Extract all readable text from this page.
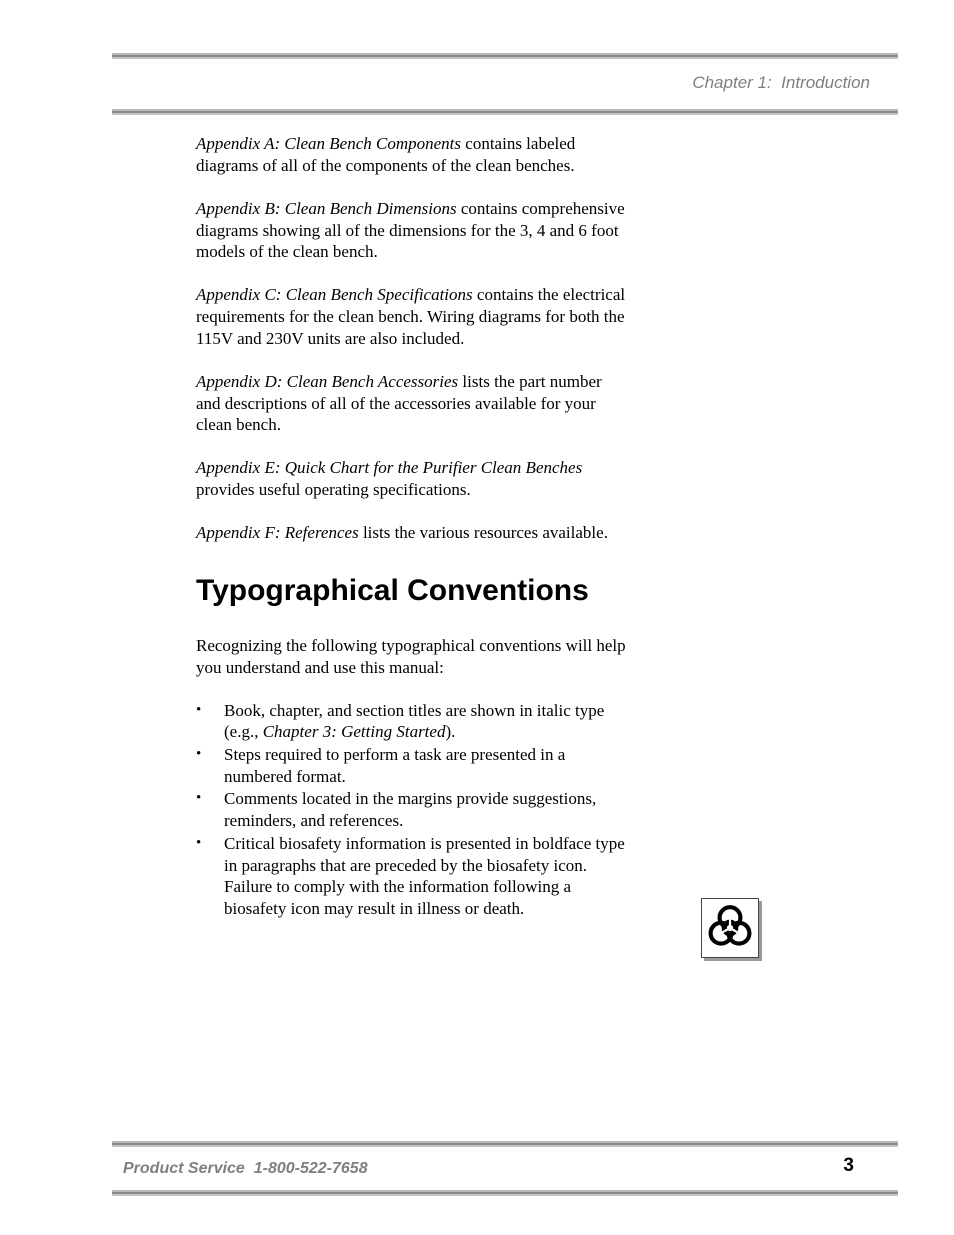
Chapter 1:  Introduction

Appendix A: Clean Bench Components contains labeled diagrams of all of the components of the clean benches.

Appendix B: Clean Bench Dimensions contains comprehensive diagrams showing all of the dimensions for the 3, 4 and 6 foot models of the clean bench.

Appendix C: Clean Bench Specifications contains the electrical requirements for the clean bench. Wiring diagrams for both the 115V and 230V units are also included.

Appendix D: Clean Bench Accessories lists the part number and descriptions of all of the accessories available for your clean bench.

Appendix E: Quick Chart for the Purifier Clean Benches provides useful operating specifications.

Appendix F: References lists the various resources available.

Typographical Conventions

Recognizing the following typographical conventions will help you understand and use this manual:

•	Book, chapter, and section titles are shown in italic type (e.g., Chapter 3: Getting Started).
•	Steps required to perform a task are presented in a numbered format.
•	Comments located in the margins provide suggestions, reminders, and references.
•	Critical biosafety information is presented in boldface type in paragraphs that are preceded by the biosafety icon. Failure to comply with the information following a biosafety icon may result in illness or death.
Product Service  1-800-522-7658	3
